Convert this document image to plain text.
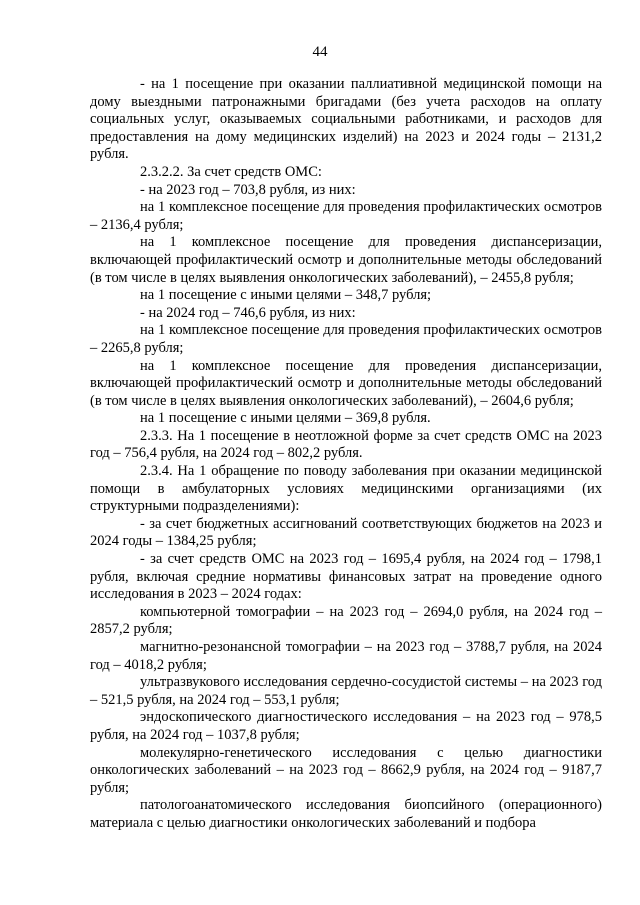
44

- на 1 посещение при оказании паллиативной медицинской помощи на дому выездными патронажными бригадами (без учета расходов на оплату социальных услуг, оказываемых социальными работниками, и расходов для предоставления на дому медицинских изделий) на 2023 и 2024 годы – 2131,2 рубля.

2.3.2.2. За счет средств ОМС:

- на 2023 год – 703,8 рубля, из них:

на 1 комплексное посещение для проведения профилактических осмотров – 2136,4 рубля;

на 1 комплексное посещение для проведения диспансеризации, включающей профилактический осмотр и дополнительные методы обследований (в том числе в целях выявления онкологических заболеваний), – 2455,8 рубля;

на 1 посещение с иными целями – 348,7 рубля;

- на 2024 год – 746,6 рубля, из них:

на 1 комплексное посещение для проведения профилактических осмотров – 2265,8 рубля;

на 1 комплексное посещение для проведения диспансеризации, включающей профилактический осмотр и дополнительные методы обследований (в том числе в целях выявления онкологических заболеваний), – 2604,6 рубля;

на 1 посещение с иными целями – 369,8 рубля.

2.3.3. На 1 посещение в неотложной форме за счет средств ОМС на 2023 год – 756,4 рубля, на 2024 год – 802,2 рубля.

2.3.4. На 1 обращение по поводу заболевания при оказании медицинской помощи в амбулаторных условиях медицинскими организациями (их структурными подразделениями):

- за счет бюджетных ассигнований соответствующих бюджетов на 2023 и 2024 годы – 1384,25 рубля;

- за счет средств ОМС на 2023 год – 1695,4 рубля, на 2024 год – 1798,1 рубля, включая средние нормативы финансовых затрат на проведение одного исследования в 2023 – 2024 годах:

компьютерной томографии – на 2023 год – 2694,0 рубля, на 2024 год – 2857,2 рубля;

магнитно-резонансной томографии – на 2023 год – 3788,7 рубля, на 2024 год – 4018,2 рубля;

ультразвукового исследования сердечно-сосудистой системы – на 2023 год – 521,5 рубля, на 2024 год – 553,1 рубля;

эндоскопического диагностического исследования – на 2023 год – 978,5 рубля, на 2024 год – 1037,8 рубля;

молекулярно-генетического исследования с целью диагностики онкологических заболеваний – на 2023 год – 8662,9 рубля, на 2024 год – 9187,7 рубля;

патологоанатомического исследования биопсийного (операционного) материала с целью диагностики онкологических заболеваний и подбора
